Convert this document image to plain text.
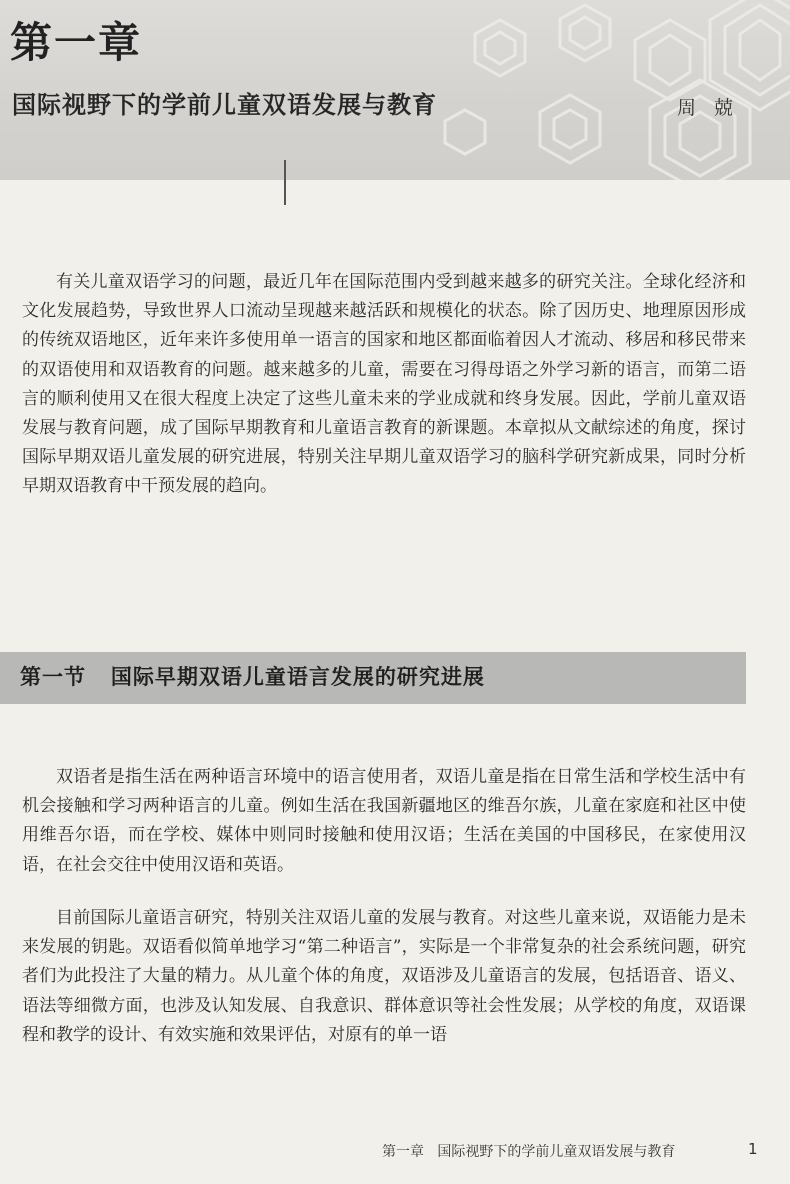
第一章
国际视野下的学前儿童双语发展与教育	周兢

有关儿童双语学习的问题，最近几年在国际范围内受到越来越多的研究关注。全球化经济和文化发展趋势，导致世界人口流动呈现越来越活跃和规模化的状态。除了因历史、地理原因形成的传统双语地区，近年来许多使用单一语言的国家和地区都面临着因人才流动、移居和移民带来的双语使用和双语教育的问题。越来越多的儿童，需要在习得母语之外学习新的语言，而第二语言的顺利使用又在很大程度上决定了这些儿童未来的学业成就和终身发展。因此，学前儿童双语发展与教育问题，成了国际早期教育和儿童语言教育的新课题。本章拟从文献综述的角度，探讨国际早期双语儿童发展的研究进展，特别关注早期儿童双语学习的脑科学研究新成果，同时分析早期双语教育中干预发展的趋向。

第一节   国际早期双语儿童语言发展的研究进展

双语者是指生活在两种语言环境中的语言使用者，双语儿童是指在日常生活和学校生活中有机会接触和学习两种语言的儿童。例如生活在我国新疆地区的维吾尔族，儿童在家庭和社区中使用维吾尔语，而在学校、媒体中则同时接触和使用汉语；生活在美国的中国移民，在家使用汉语，在社会交往中使用汉语和英语。

目前国际儿童语言研究，特别关注双语儿童的发展与教育。对这些儿童来说，双语能力是未来发展的钥匙。双语看似简单地学习“第二种语言”，实际是一个非常复杂的社会系统问题，研究者们为此投注了大量的精力。从儿童个体的角度，双语涉及儿童语言的发展，包括语音、语义、语法等细微方面，也涉及认知发展、自我意识、群体意识等社会性发展；从学校的角度，双语课程和教学的设计、有效实施和效果评估，对原有的单一语

第一章   国际视野下的学前儿童双语发展与教育	1
